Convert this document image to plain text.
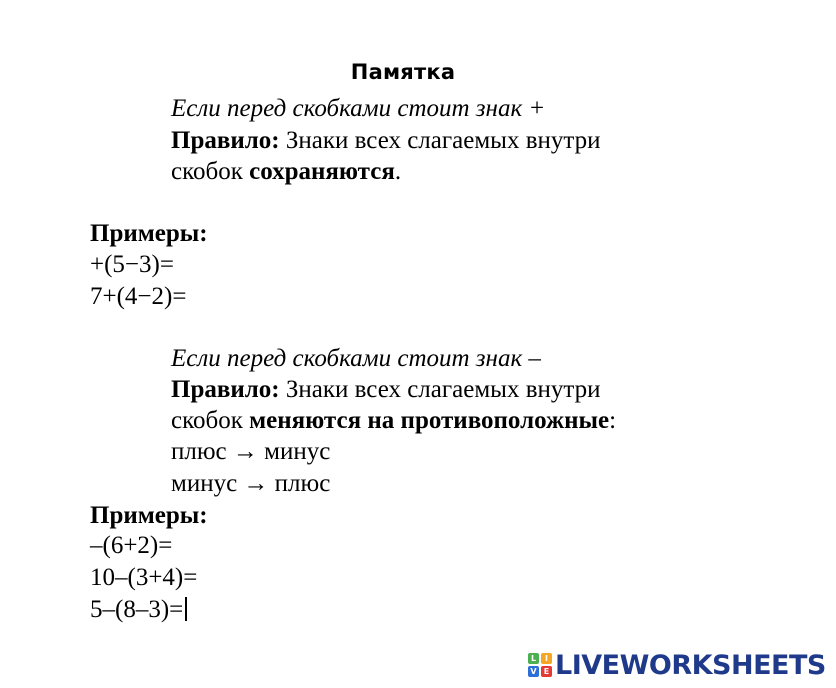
Памятка
Если перед скобками стоит знак +
Правило: Знаки всех слагаемых внутри
скобок сохраняются.
Примеры:
+(5−3)=
7+(4−2)=
Если перед скобками стоит знак –
Правило: Знаки всех слагаемых внутри
скобок меняются на противоположные:
плюс → минус
минус → плюс
Примеры:
–(6+2)=
10–(3+4)=
5–(8–3)=
L	I
V E LIVEWORKSHEETS
